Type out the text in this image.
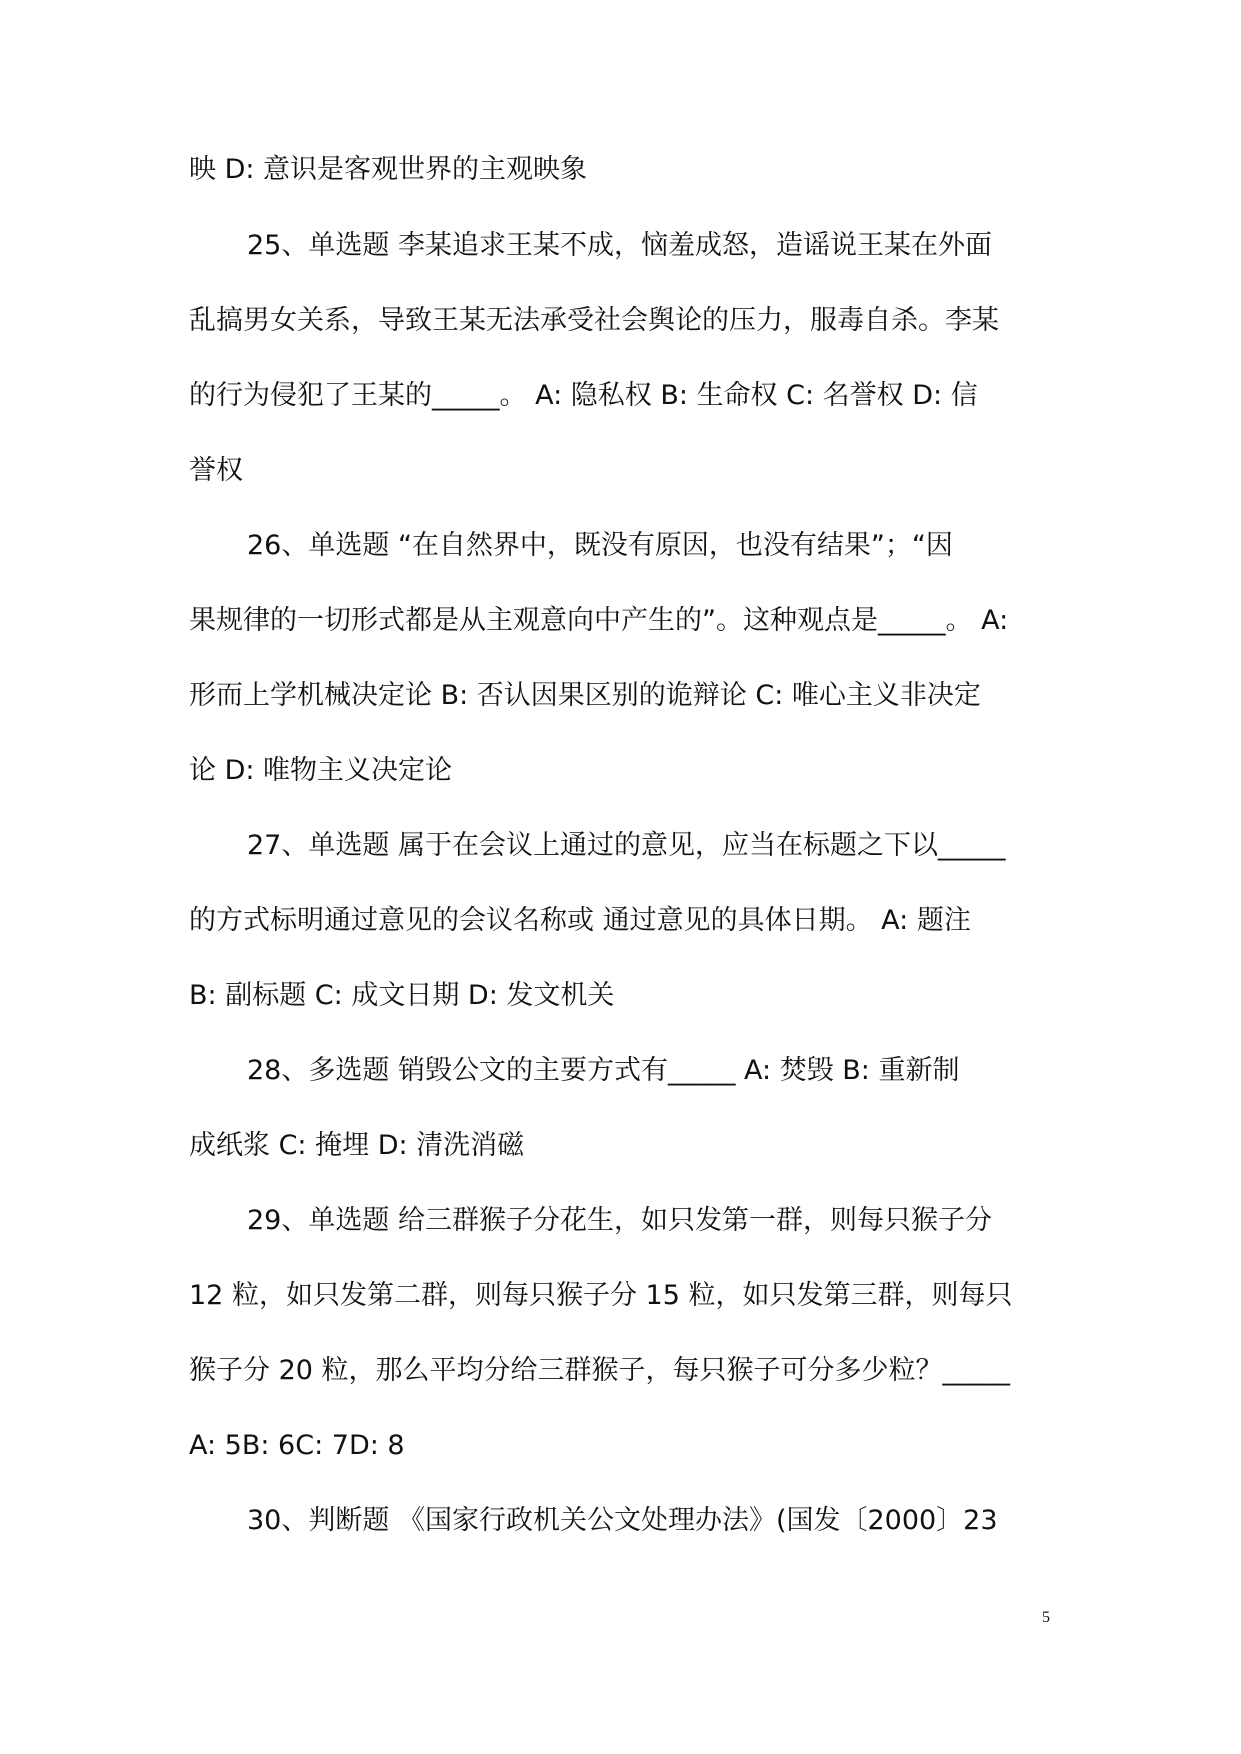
映 D: 意识是客观世界的主观映象
25、单选题 李某追求王某不成，恼羞成怒，造谣说王某在外面
乱搞男女关系，导致王某无法承受社会舆论的压力，服毒自杀。李某
的行为侵犯了王某的_____。 A: 隐私权 B: 生命权 C: 名誉权 D: 信
誉权
26、单选题 “在自然界中，既没有原因，也没有结果”；“因
果规律的一切形式都是从主观意向中产生的”。这种观点是_____。 A:
形而上学机械决定论 B: 否认因果区别的诡辩论 C: 唯心主义非决定
论 D: 唯物主义决定论
27、单选题 属于在会议上通过的意见，应当在标题之下以_____
的方式标明通过意见的会议名称或 通过意见的具体日期。 A: 题注
B: 副标题 C: 成文日期 D: 发文机关
28、多选题 销毁公文的主要方式有_____ A: 焚毁 B: 重新制
成纸浆 C: 掩埋 D: 清洗消磁
29、单选题 给三群猴子分花生，如只发第一群，则每只猴子分
12 粒，如只发第二群，则每只猴子分 15 粒，如只发第三群，则每只
猴子分 20 粒，那么平均分给三群猴子，每只猴子可分多少粒？_____
A: 5B: 6C: 7D: 8
30、判断题 《国家行政机关公文处理办法》(国发〔2000〕23
5
